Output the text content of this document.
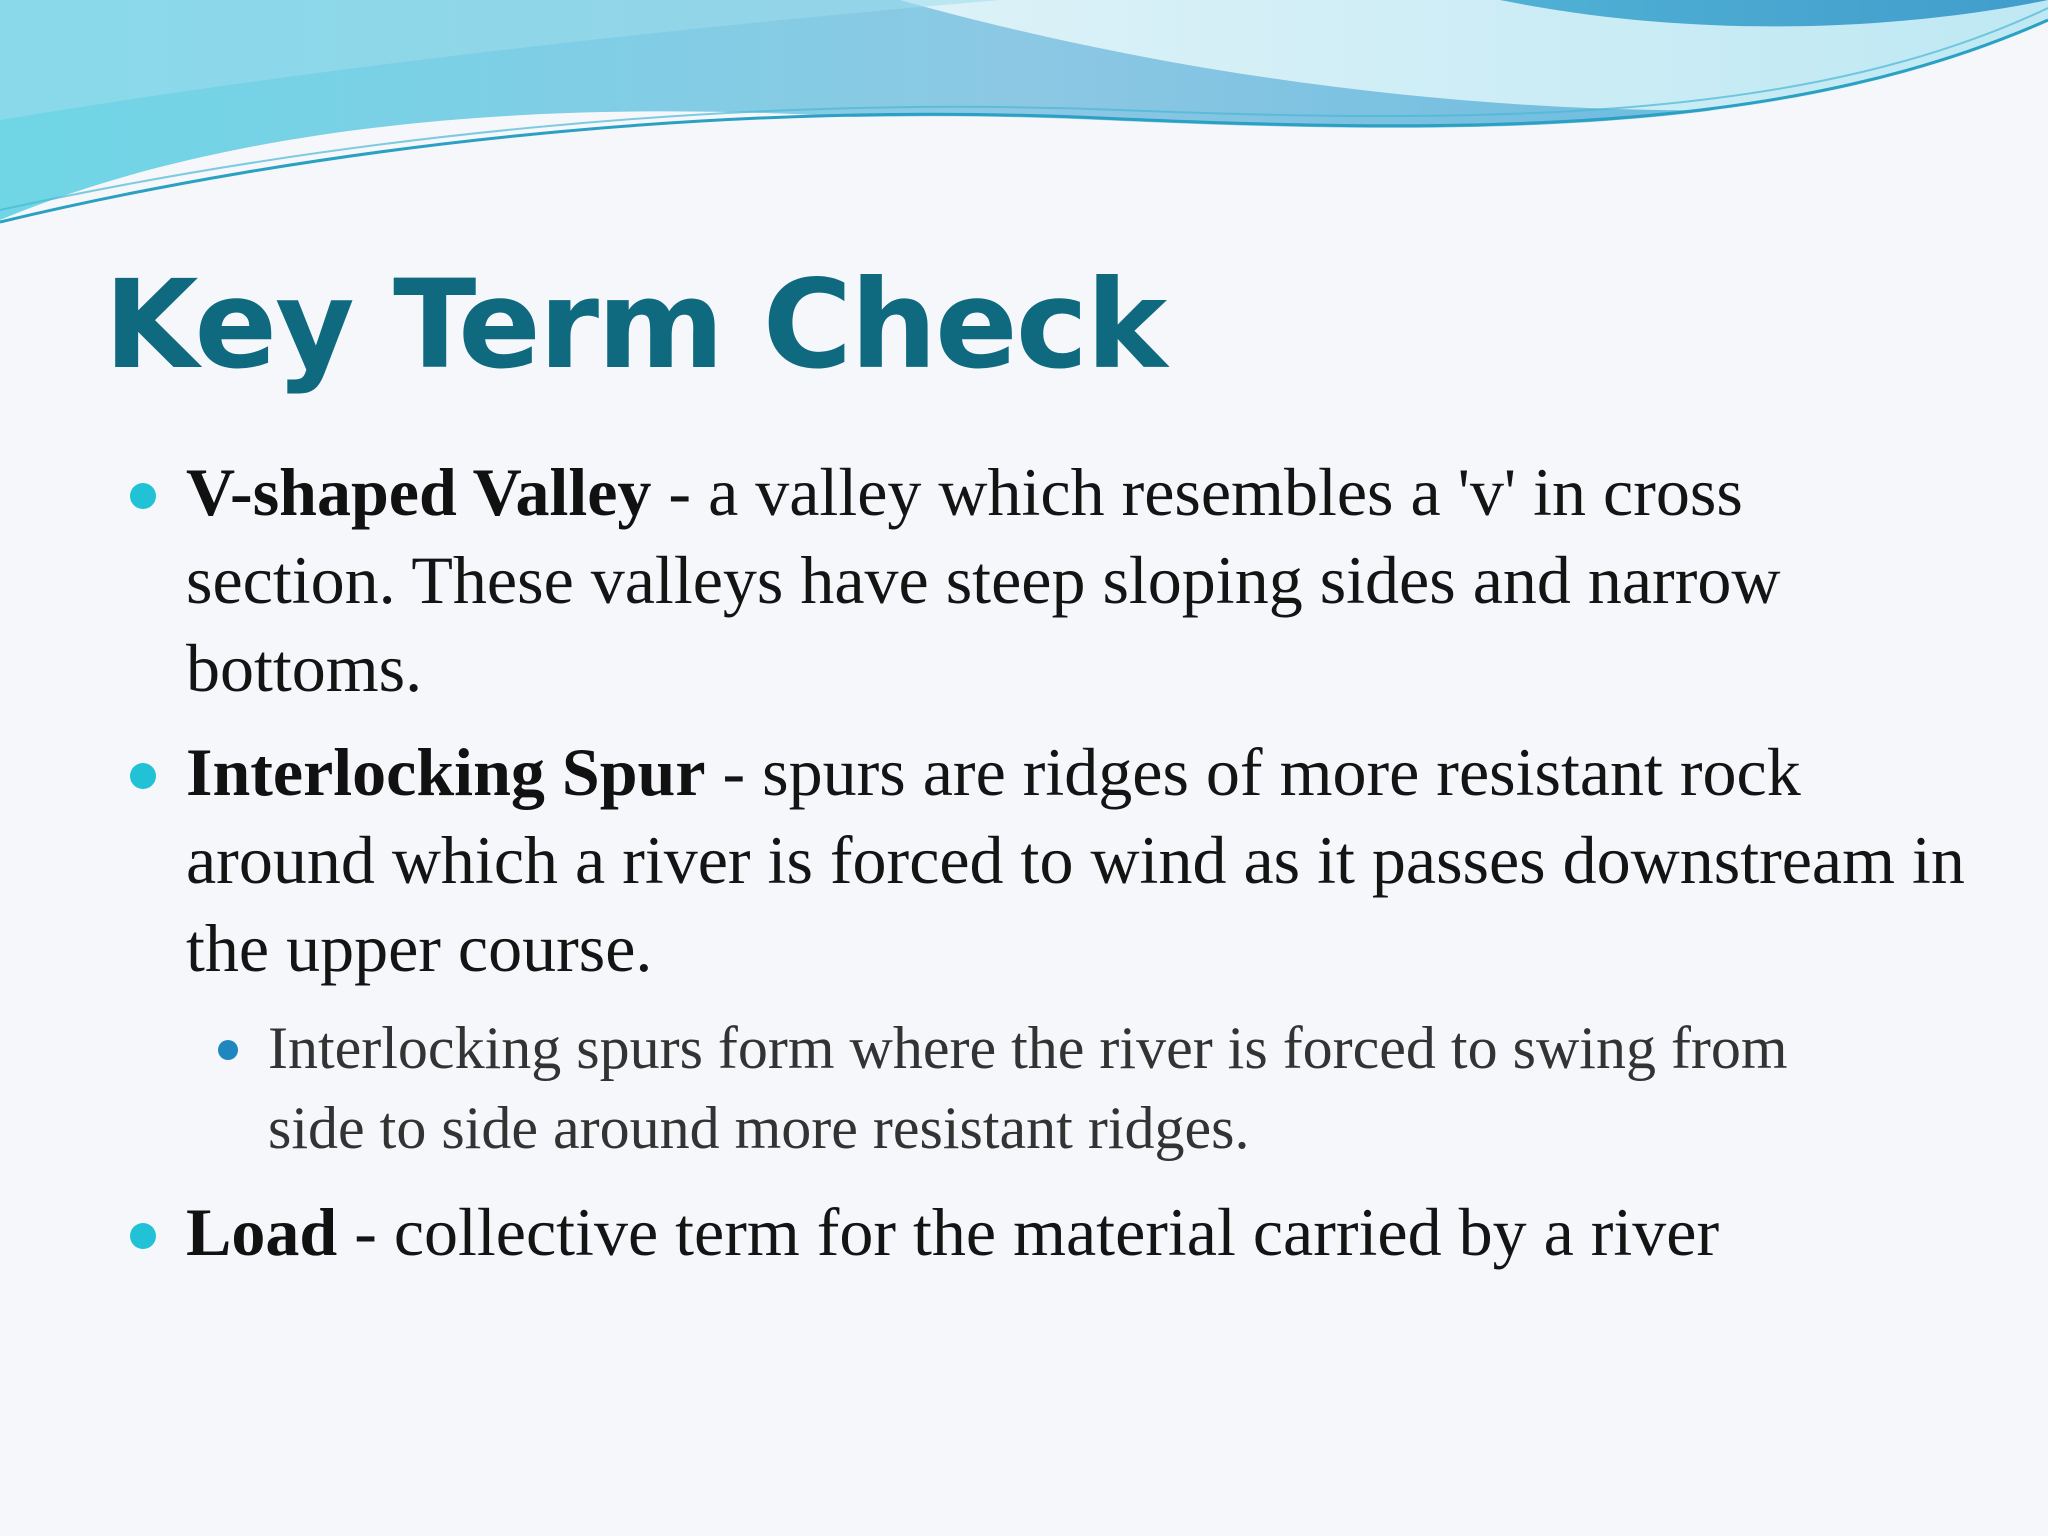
Key Term Check
V-shaped Valley - a valley which resembles a 'v' in cross section. These valleys have steep sloping sides and narrow bottoms.
Interlocking Spur - spurs are ridges of more resistant rock around which a river is forced to wind as it passes downstream in the upper course.
Interlocking spurs form where the river is forced to swing from side to side around more resistant ridges.
Load - collective term for the material carried by a river
